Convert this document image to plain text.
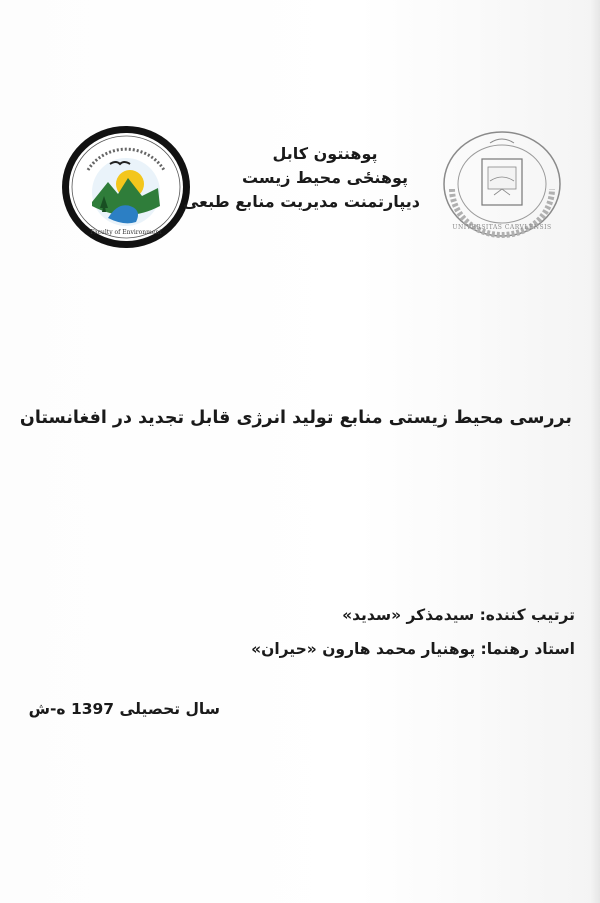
Faculty of Environment
UNIVERSITAS CARVLENSIS
پوهنتون کابل
پوهنځی محیط زیست
دیپارتمنت مدیریت منابع طبعی
بررسی محیط زیستی منابع تولید انرژی قابل تجدید در افغانستان
ترتیب کننده: سیدمذکر «سدید»
استاد رهنما: پوهنیار محمد هارون «حیران»
سال تحصیلی 1397 ه-ش
